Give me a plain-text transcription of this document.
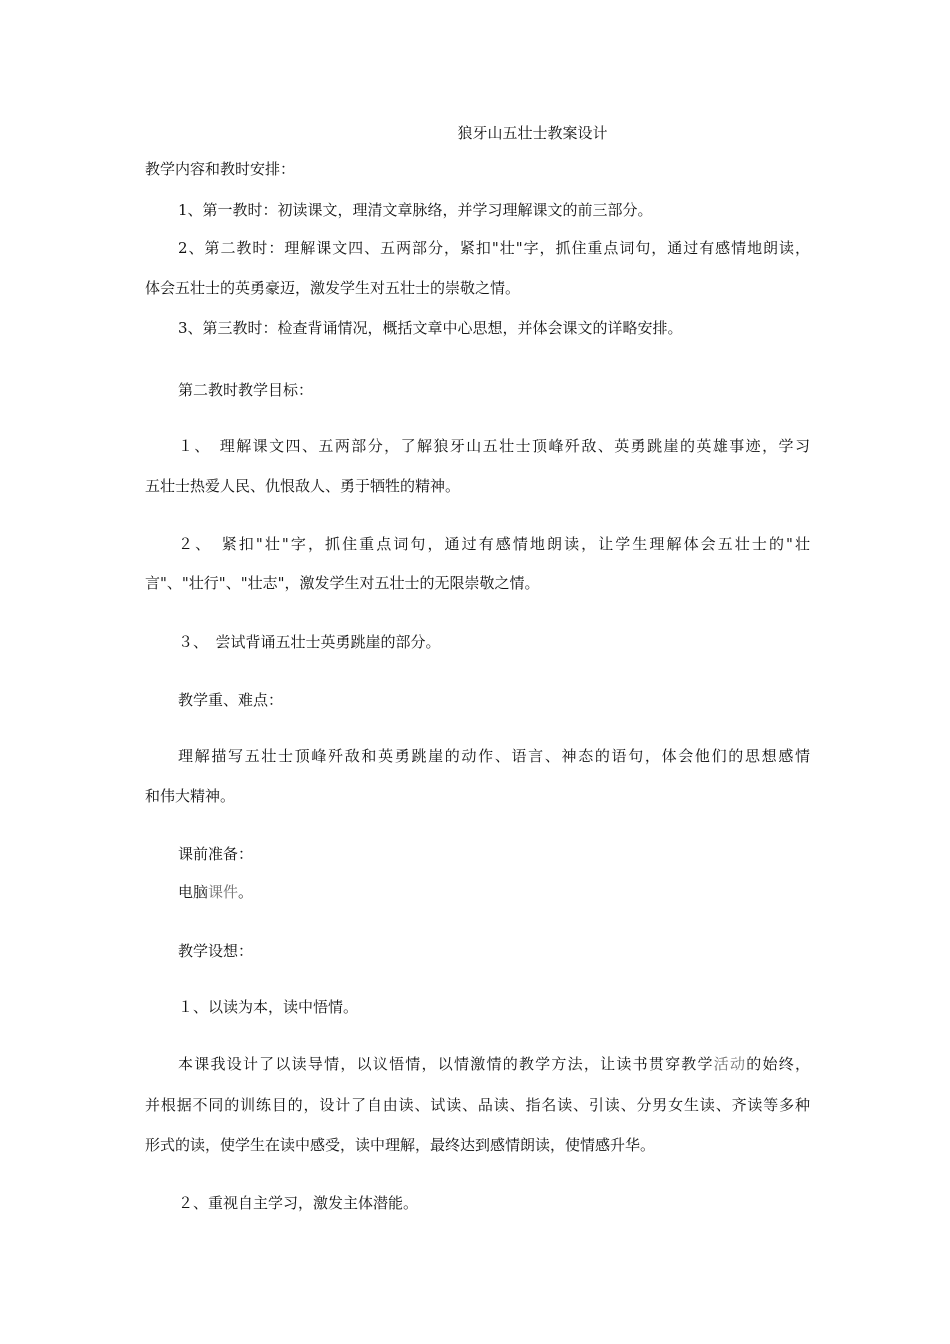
狼牙山五壮士教案设计

教学内容和教时安排：

1、第一教时：初读课文，理清文章脉络，并学习理解课文的前三部分。

2、第二教时：理解课文四、五两部分，紧扣"壮"字，抓住重点词句，通过有感情地朗读，

体会五壮士的英勇豪迈，激发学生对五壮士的崇敬之情。

3、第三教时：检查背诵情况，概括文章中心思想，并体会课文的详略安排。

第二教时教学目标：

１、　理解课文四、五两部分，了解狼牙山五壮士顶峰歼敌、英勇跳崖的英雄事迹，学习

五壮士热爱人民、仇恨敌人、勇于牺牲的精神。

２、　紧扣"壮"字，抓住重点词句，通过有感情地朗读，让学生理解体会五壮士的"壮

言"、"壮行"、"壮志"，激发学生对五壮士的无限崇敬之情。

３、　尝试背诵五壮士英勇跳崖的部分。

教学重、难点：

理解描写五壮士顶峰歼敌和英勇跳崖的动作、语言、神态的语句，体会他们的思想感情

和伟大精神。

课前准备：

电脑课件。

教学设想：

１、以读为本，读中悟情。

本课我设计了以读导情，以议悟情，以情激情的教学方法，让读书贯穿教学活动的始终，

并根据不同的训练目的，设计了自由读、试读、品读、指名读、引读、分男女生读、齐读等多种

形式的读，使学生在读中感受，读中理解，最终达到感情朗读，使情感升华。

２、重视自主学习，激发主体潜能。
